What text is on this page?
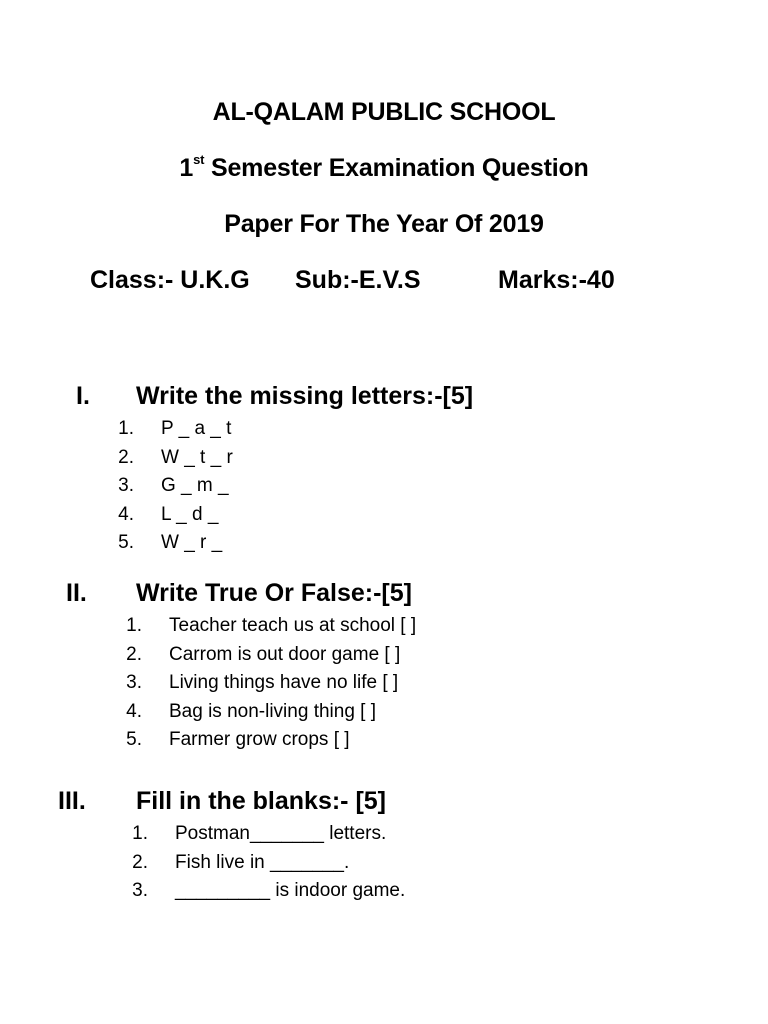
AL-QALAM PUBLIC SCHOOL
1st Semester Examination Question
Paper For The Year Of 2019
Class:- U.K.G Sub:-E.V.S	Marks:-40
I. Write the missing letters:-[5]
1. P _ a _ t
2. W _ t _ r
3. G _ m _
4. L _ d _
5. W _ r _
II. Write True Or False:-[5]
1. Teacher teach us at school [ ]
2. Carrom is out door game [ ]
3. Living things have no life [ ]
4. Bag is non-living thing [ ]
5. Farmer grow crops [ ]
III. Fill in the blanks:- [5]
1. Postman_______ letters.
2. Fish live in _______.
3. _________ is indoor game.
